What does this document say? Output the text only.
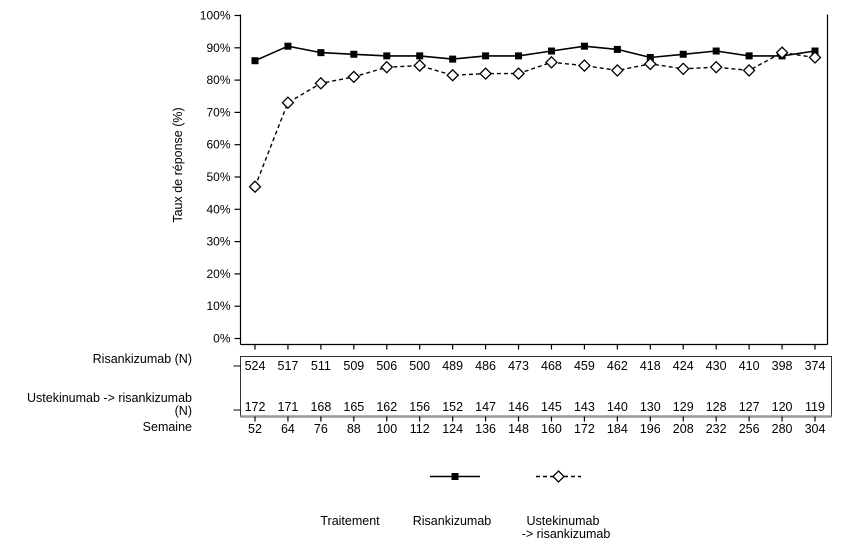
0%
10%
20%
30%
40%
50%
60%
70%
80%
90%
100%
524
172
52
517
171
64
511
168
76
509
165
88
506
162
100
500
156
112
489
152
124
486
147
136
473
146
148
468
145
160
459
143
172
462
140
184
418
130
196
424
129
208
430
128
232
410
127
256
398
120
280
374
119
304
Taux de réponse (%)
Risankizumab (N)
Ustekinumab -> risankizumab
(N)
Semaine
Traitement	Risankizumab	Ustekinumab
-> risankizumab
